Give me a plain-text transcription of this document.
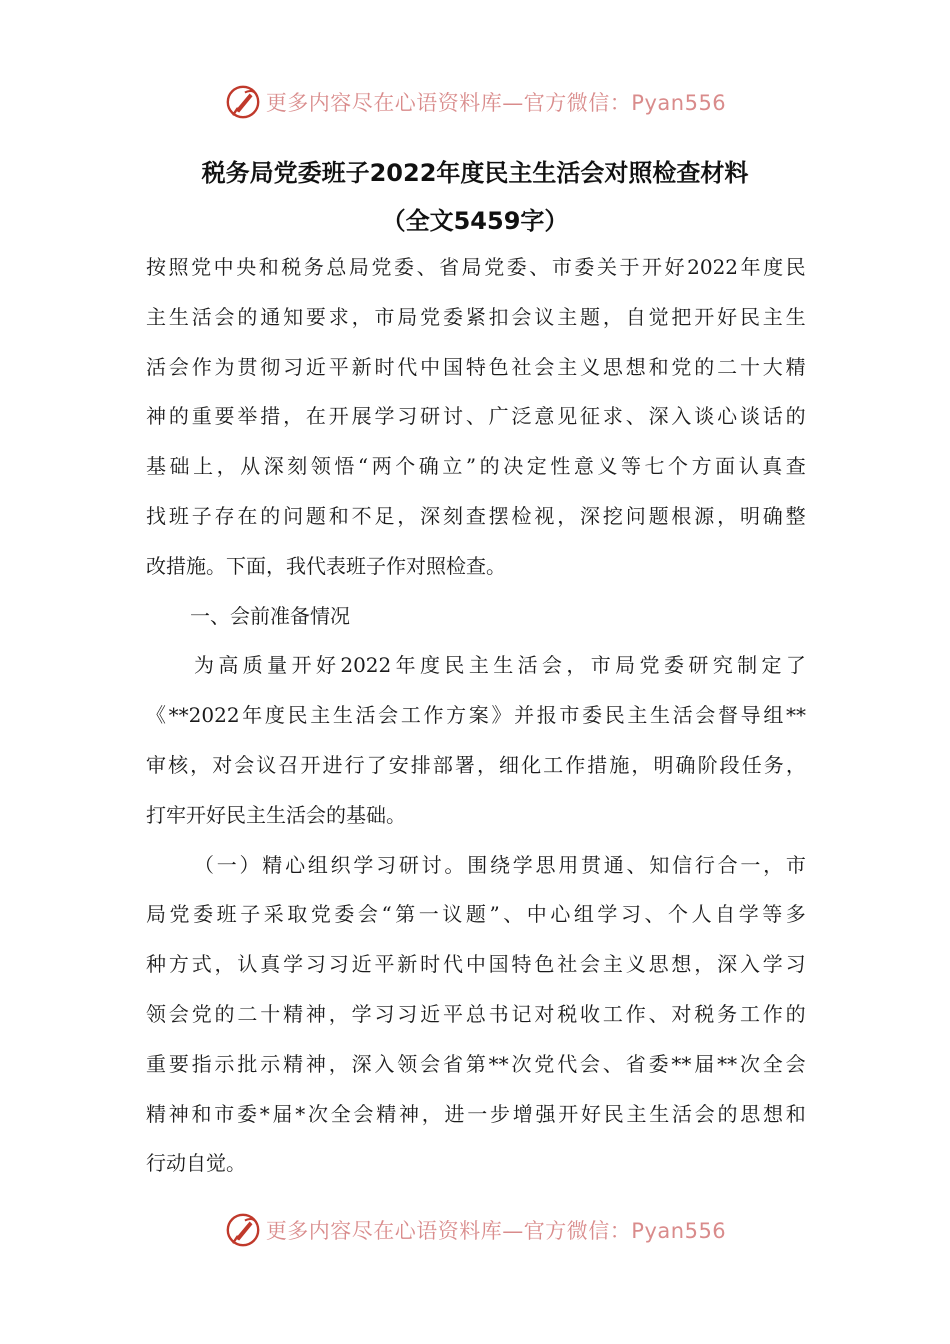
更多内容尽在心语资料库—官方微信：Pyan556
税务局党委班子2022年度民主生活会对照检查材料
（全文5459字）
按 照 党 中 央 和 税 务 总 局 党 委 、 省 局 党 委 、 市 委 关 于 开 好 2022 年 度 民
主 生 活 会 的 通 知 要 求 ， 市 局 党 委 紧 扣 会 议 主 题 ， 自 觉 把 开 好 民 主 生
活 会 作 为 贯 彻 习 近 平 新 时 代 中 国 特 色 社 会 主 义 思 想 和 党 的 二 十 大 精
神 的 重 要 举 措 ， 在 开 展 学 习 研 讨 、 广 泛 意 见 征 求 、 深 入 谈 心 谈 话 的
基 础 上 ， 从 深 刻 领 悟 “ 两 个 确 立 ” 的 决 定 性 意 义 等 七 个 方 面 认 真 查
找 班 子 存 在 的 问 题 和 不 足 ， 深 刻 查 摆 检 视 ， 深 挖 问 题 根 源 ， 明 确 整
改措施。下面，我代表班子作对照检查。
一、会前准备情况
为 高 质 量 开 好 2022 年 度 民 主 生 活 会 ， 市 局 党 委 研 究 制 定 了
《 **2022 年 度 民 主 生 活 会 工 作 方 案 》 并 报 市 委 民 主 生 活 会 督 导 组 **
审 核 ， 对 会 议 召 开 进 行 了 安 排 部 署 ， 细 化 工 作 措 施 ， 明 确 阶 段 任 务 ，
打牢开好民主生活会的基础。
（ 一 ） 精 心 组 织 学 习 研 讨 。 围 绕 学 思 用 贯 通 、 知 信 行 合 一 ， 市
局 党 委 班 子 采 取 党 委 会 “ 第 一 议 题 ” 、 中 心 组 学 习 、 个 人 自 学 等 多
种 方 式 ， 认 真 学 习 习 近 平 新 时 代 中 国 特 色 社 会 主 义 思 想 ， 深 入 学 习
领 会 党 的 二 十 精 神 ， 学 习 习 近 平 总 书 记 对 税 收 工 作 、 对 税 务 工 作 的
重 要 指 示 批 示 精 神 ， 深 入 领 会 省 第 ** 次 党 代 会 、 省 委 ** 届 ** 次 全 会
精 神 和 市 委 * 届 * 次 全 会 精 神 ， 进 一 步 增 强 开 好 民 主 生 活 会 的 思 想 和
行动自觉。
更多内容尽在心语资料库—官方微信：Pyan556
